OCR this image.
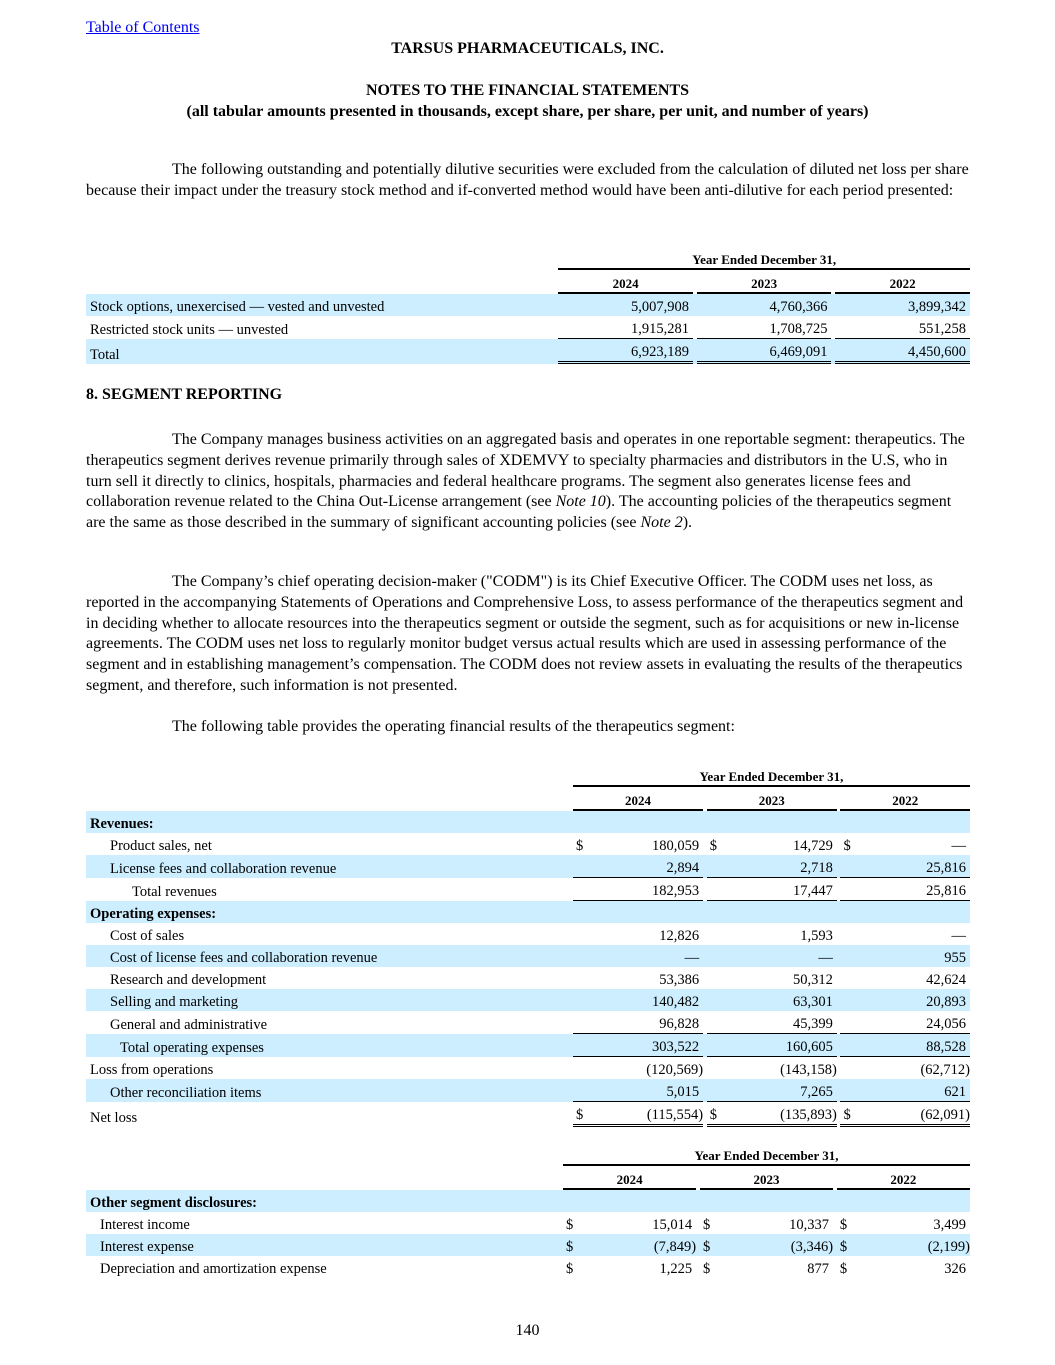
Table of Contents
TARSUS PHARMACEUTICALS, INC.
NOTES TO THE FINANCIAL STATEMENTS
(all tabular amounts presented in thousands, except share, per share, per unit, and number of years)

The following outstanding and potentially dilutive securities were excluded from the calculation of diluted net loss per share because their impact under the treasury stock method and if-converted method would have been anti-dilutive for each period presented:

	Year Ended December 31,							
	2024			2023			2022	
Stock options, unexercised — vested and unvested		5,007,908			4,760,366			3,899,342
Restricted stock units — unvested		1,915,281			1,708,725			551,258
Total		6,923,189			6,469,091			4,450,600
8. SEGMENT REPORTING

The Company manages business activities on an aggregated basis and operates in one reportable segment: therapeutics. The therapeutics segment derives revenue primarily through sales of XDEMVY to specialty pharmacies and distributors in the U.S, who in turn sell it directly to clinics, hospitals, pharmacies and federal healthcare programs. The segment also generates license fees and collaboration revenue related to the China Out-License arrangement (see Note 10). The accounting policies of the therapeutics segment are the same as those described in the summary of significant accounting policies (see Note 2).

The Company’s chief operating decision-maker ("CODM") is its Chief Executive Officer. The CODM uses net loss, as reported in the accompanying Statements of Operations and Comprehensive Loss, to assess performance of the therapeutics segment and in deciding whether to allocate resources into the therapeutics segment or outside the segment, such as for acquisitions or new in-license agreements. The CODM uses net loss to regularly monitor budget versus actual results which are used in assessing performance of the segment and in establishing management’s compensation. The CODM does not review assets in evaluating the results of the therapeutics segment, and therefore, such information is not presented.

The following table provides the operating financial results of the therapeutics segment:

	Year Ended December 31,							
	2024			2023			2022	
Revenues:								
Product sales, net	$	180,059		$	14,729		$	—
License fees and collaboration revenue		2,894			2,718			25,816
Total revenues		182,953			17,447			25,816
Operating expenses:								
Cost of sales		12,826			1,593			—
Cost of license fees and collaboration revenue		—			—			955
Research and development		53,386			50,312			42,624
Selling and marketing		140,482			63,301			20,893
General and administrative		96,828			45,399			24,056
Total operating expenses		303,522			160,605			88,528
Loss from operations		(120,569)			(143,158)			(62,712)
Other reconciliation items		5,015			7,265			621
Net loss	$	(115,554)		$	(135,893)		$	(62,091)
	Year Ended December 31,							
	2024			2023			2022	
Other segment disclosures:								
Interest income	$	15,014		$	10,337		$	3,499
Interest expense	$	(7,849)		$	(3,346)		$	(2,199)
Depreciation and amortization expense	$	1,225		$	877		$	326
140
